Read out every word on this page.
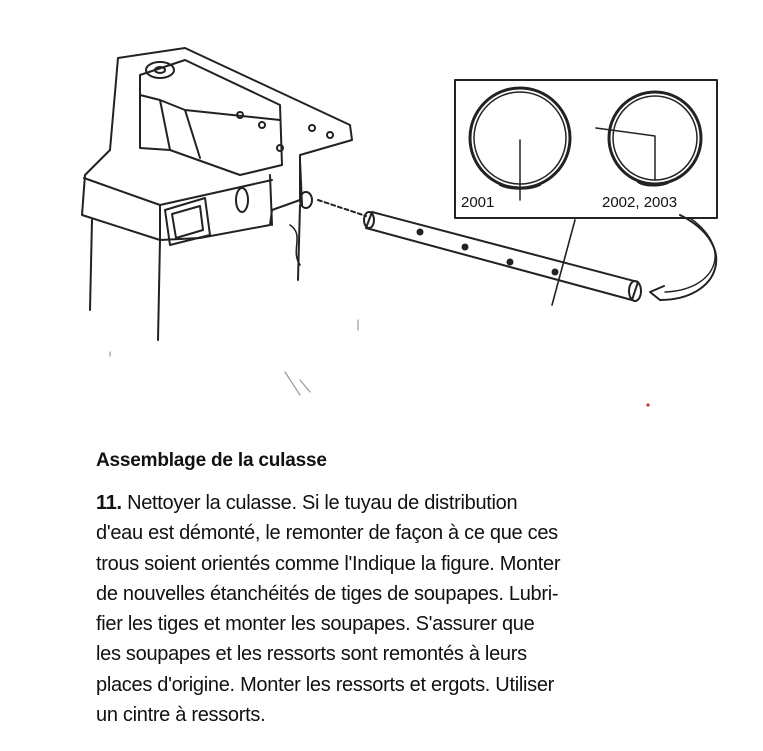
2001	2002, 2003
Assemblage de la culasse
11. Nettoyer la culasse. Si le tuyau de distribution
d'eau est démonté, le remonter de façon à ce que ces
trous soient orientés comme l'Indique la figure. Monter
de nouvelles étanchéités de tiges de soupapes. Lubri-
fier les tiges et monter les soupapes. S'assurer que
les soupapes et les ressorts sont remontés à leurs
places d'origine. Monter les ressorts et ergots. Utiliser
un cintre à ressorts.
